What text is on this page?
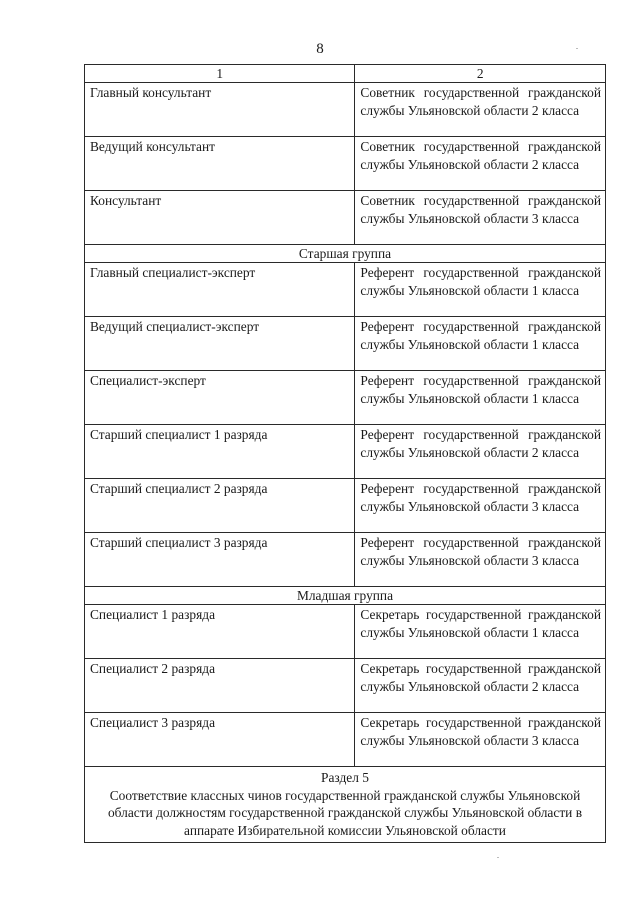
8
1	2
Главный консультант	Советник государственной гражданской службы Ульяновской области 2 класса
Ведущий консультант	Советник государственной гражданской службы Ульяновской области 2 класса
Консультант	Советник государственной гражданской службы Ульяновской области 3 класса
Старшая группа	
Главный специалист-эксперт	Референт государственной гражданской службы Ульяновской области 1 класса
Ведущий специалист-эксперт	Референт государственной гражданской службы Ульяновской области 1 класса
Специалист-эксперт	Референт государственной гражданской службы Ульяновской области 1 класса
Старший специалист 1 разряда	Референт государственной гражданской службы Ульяновской области 2 класса
Старший специалист 2 разряда	Референт государственной гражданской службы Ульяновской области 3 класса
Старший специалист 3 разряда	Референт государственной гражданской службы Ульяновской области 3 класса
Младшая группа	
Специалист 1 разряда	Секретарь государственной гражданской службы Ульяновской области 1 класса
Специалист 2 разряда	Секретарь государственной гражданской службы Ульяновской области 2 класса
Специалист 3 разряда	Секретарь государственной гражданской службы Ульяновской области 3 класса

Раздел 5
Соответствие классных чинов государственной гражданской службы Ульяновской области должностям государственной гражданской службы Ульяновской области в аппарате Избирательной комиссии Ульяновской области	
